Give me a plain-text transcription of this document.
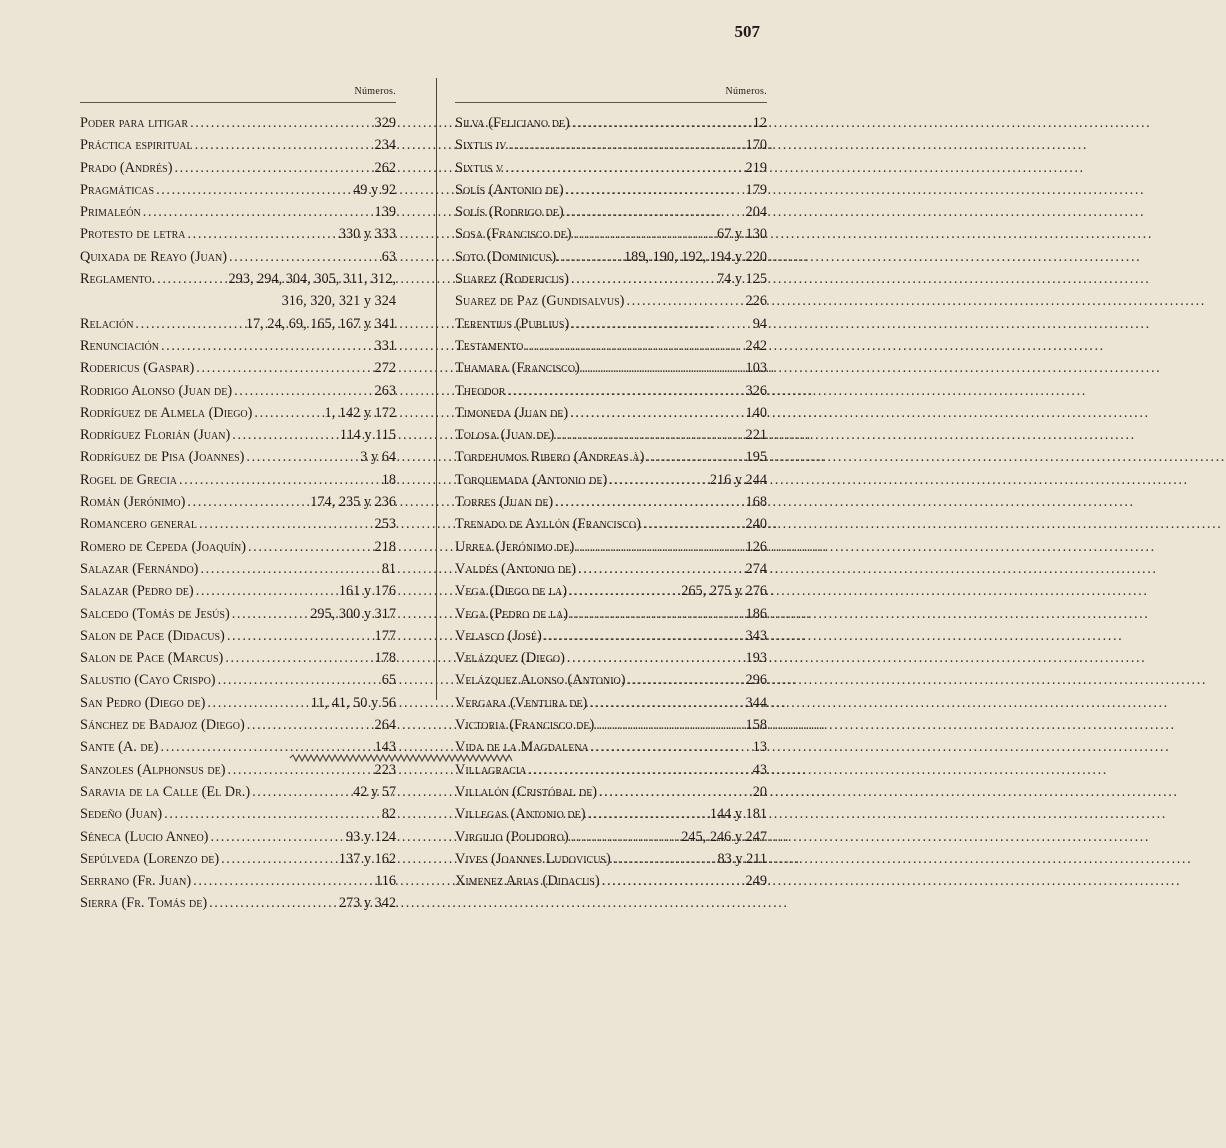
507
Números.
Poder para litigar .....	329
Práctica espiritual .....	234
Prado (Andrés) .....	262
Pragmáticas .....	49 y 92
Primaleón .....	139
Protesto de letra .....	330 y 333
Quixada de Reayo (Juan) .....	63
Reglamento. .....	293, 294, 304, 305, 311, 312,
316, 320, 321 y 324
Relación .....	17, 24, 69, 165, 167 y 341
Renunciación .....	331
Rodericus (Gaspar) .....	272
Rodrigo Alonso (Juan de) .....	263
Rodríguez de Almela (Diego) .....	1, 142 y 172
Rodríguez Florián (Juan) .....	114 y 115
Rodríguez de Pisa (Joannes) .....	3 y 64
Rogel de Grecia .....	18
Román (Jerónimo) .....	174, 235 y 236
Romancero general .....	253
Romero de Cepeda (Joaquín) .....	218
Salazar (Fernándo) .....	81
Salazar (Pedro de) .....	161 y 176
Salcedo (Tomás de Jesús) .....	295, 300 y 317
Salon de Pace (Didacus) .....	177
Salon de Pace (Marcus) .....	178
Salustio (Cayo Crispo) .....	65
San Pedro (Diego de) .....	11, 41, 50 y 56
Sánchez de Badajoz (Diego) .....	264
Sante (A. de) .....	143
Sanzoles (Alphonsus de) .....	223
Saravia de la Calle (El Dr.) .....	42 y 57
Sedeño (Juan) .....	82
Séneca (Lucio Anneo) .....	93 y 124
Sepúlveda (Lorenzo de) .....	137 y 162
Serrano (Fr. Juan) .....	116
Sierra (Fr. Tomás de) .....	273 y 342
Números.
Silva (Feliciano de) .....	12
Sixtus iv .....	170
Sixtus v .....	219
Solís (Antonio de) .....	179
Solís (Rodrigo de) .....	204
Sosa (Francisco de) .....	67 y 130
Soto (Dominicus). .....	189, 190, 192, 194 y 220
Suarez (Rodericus) .....	74 y 125
Suarez de Paz (Gundisalvus) .....	226
Terentius (Publius) .....	94
Testamento .....	242
Thamara (Francisco) .....	103
Theodor .....	326
Timoneda (Juan de) .....	140
Tolosa (Juan de) .....	221
Tordehumos Ribero (Andreas à) .....	195
Torquemada (Antonio de) .....	216 y 244
Torres (Juan de) .....	168
Trenado de Ayllón (Francisco) .....	240
Urrea (Jerónimo de) .....	126
Valdés (Antonio de) .....	274
Vega (Diego de la) .....	265, 275 y 276
Vega (Pedro de la) .....	186
Velasco (José) .....	343
Velázquez (Diego) .....	193
Velázquez Alonso (Antonio) .....	296
Vergara (Ventura de) .....	344
Victoria (Francisco de) .....	158
Vida de la Magdalena .....	13
Villagracia .....	43
Villalón (Cristóbal de) .....	20
Villegas (Antonio de) .....	144 y 181
Virgilio (Polidoro) .....	245, 246 y 247
Vives (Joannes Ludovicus) .....	83 y 211
Ximenez Arias (Didacus) .....	249
